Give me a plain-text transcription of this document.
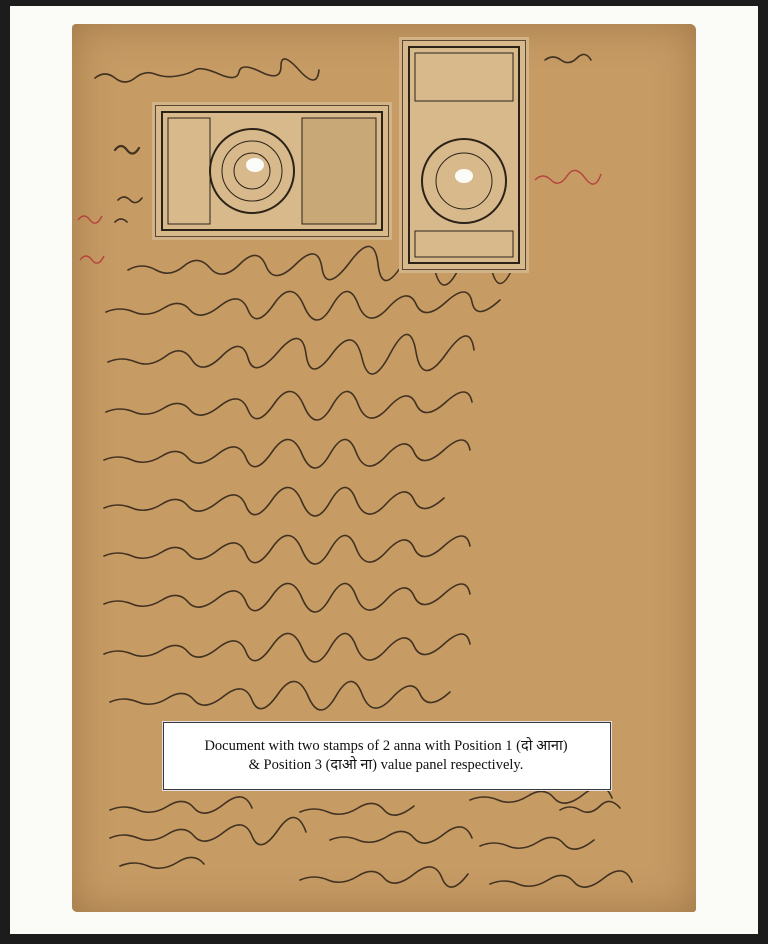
Document with two stamps of 2 anna with Position 1 (दो आना)
& Position 3 (दाओ ना) value panel respectively.
